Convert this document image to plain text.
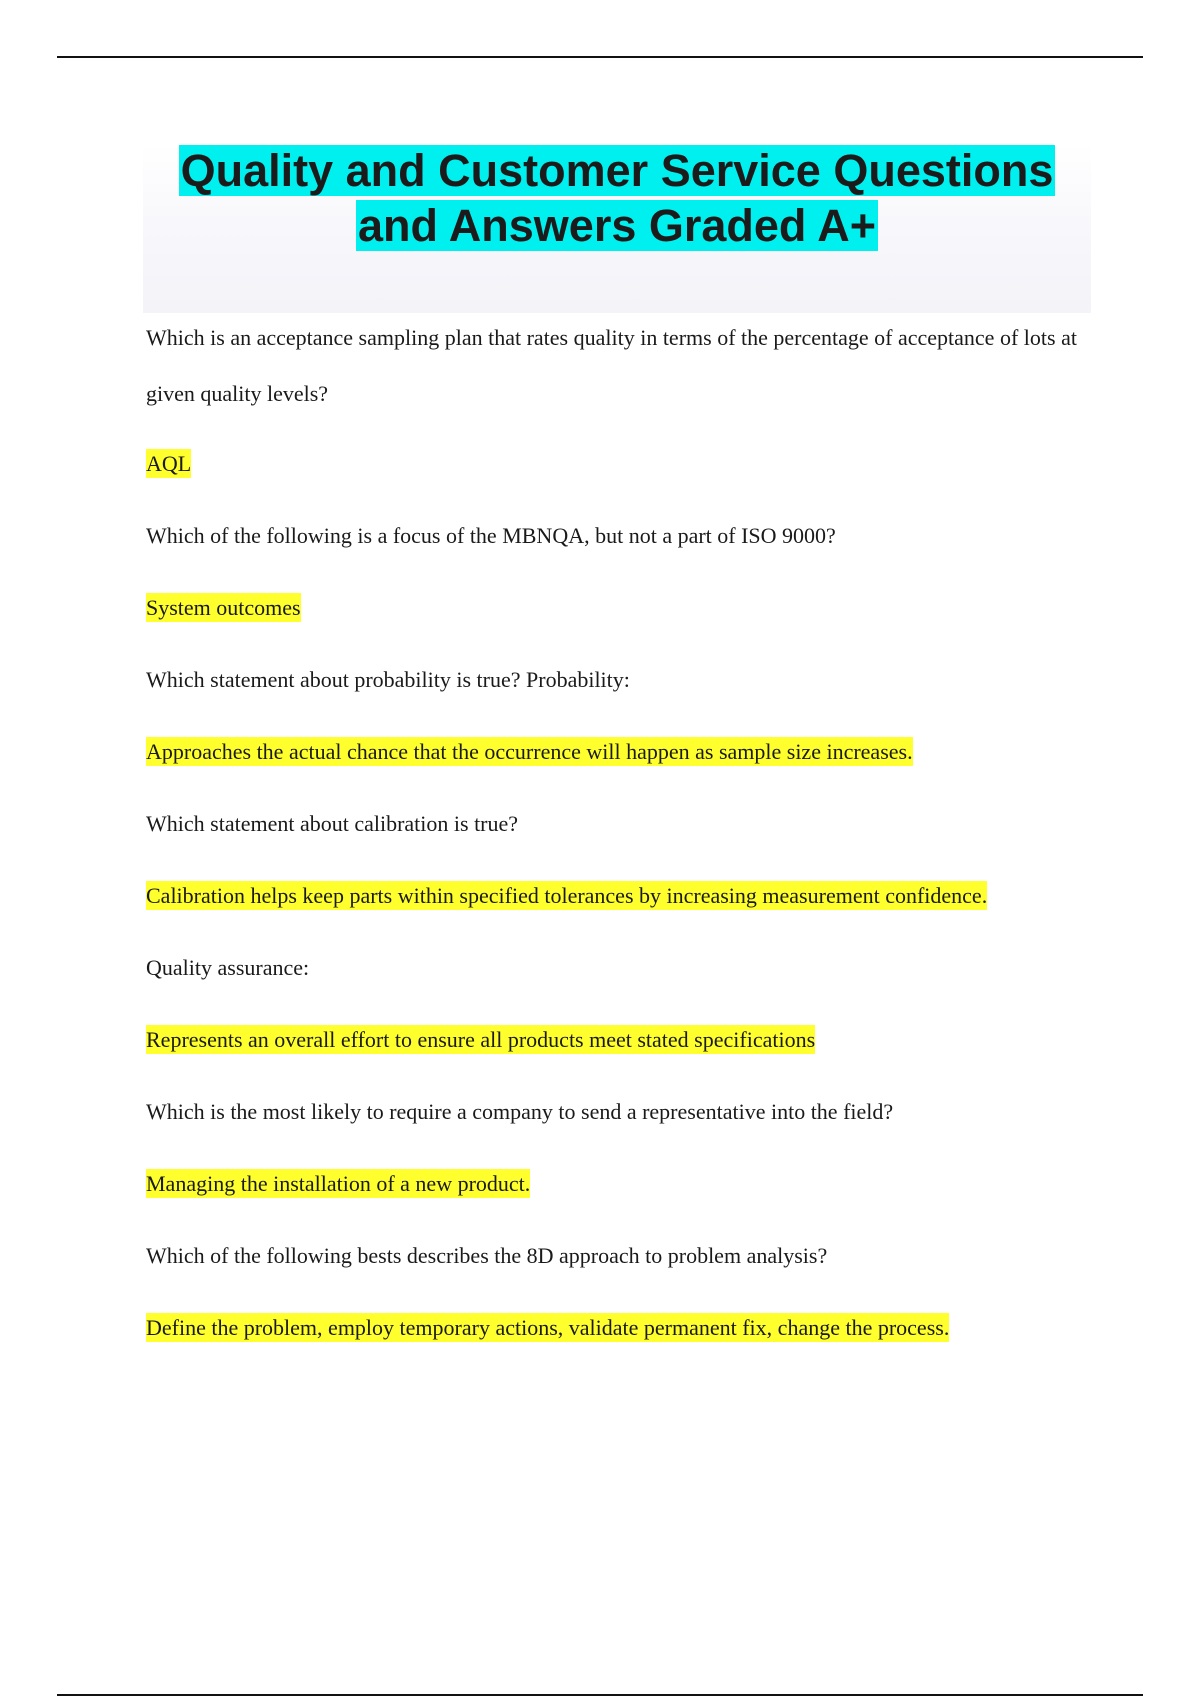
Quality and Customer Service Questions
and Answers Graded A+

Which is an acceptance sampling plan that rates quality in terms of the percentage of acceptance of lots at given quality levels?

AQL

Which of the following is a focus of the MBNQA, but not a part of ISO 9000?

System outcomes

Which statement about probability is true? Probability:

Approaches the actual chance that the occurrence will happen as sample size increases.

Which statement about calibration is true?

Calibration helps keep parts within specified tolerances by increasing measurement confidence.

Quality assurance:

Represents an overall effort to ensure all products meet stated specifications

Which is the most likely to require a company to send a representative into the field?

Managing the installation of a new product.

Which of the following bests describes the 8D approach to problem analysis?

Define the problem, employ temporary actions, validate permanent fix, change the process.
